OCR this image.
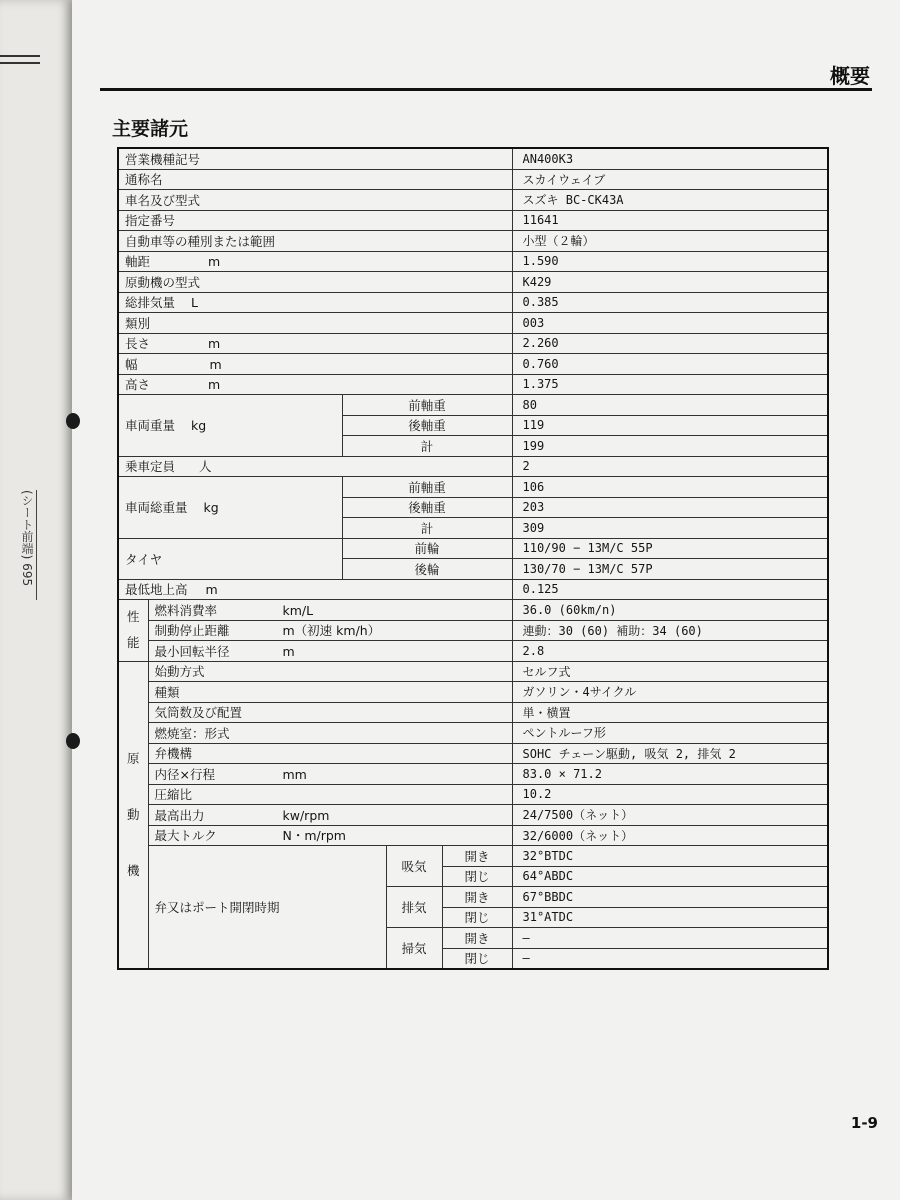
(シート前端) 695
概要
主要諸元
営業機種記号					AN400K3
通称名					スカイウェイブ
車名及び型式					スズキ BC-CK43A
指定番号					11641
自動車等の種別または範囲					小型（２輪）
軸距 m					1.590
原動機の型式					K429
総排気量 L					0.385
類別					003
長さ m					2.260
幅 m					0.760
高さ m					1.375
車両重量 kg		前軸重			80
		後軸重			119
		計			199
乗車定員 人					2
車両総重量 kg		前軸重			106
		後軸重			203
		計			309
タイヤ		前輪			110/90 − 13M/C 55P
		後輪			130/70 − 13M/C 57P
最低地上高 m					0.125

性
能	燃料消費率 km/L				36.0 (60km/n)
	制動停止距離 m（初速 km/h）				連動：30 (60) 補助：34 (60)
	最小回転半径 m				2.8

原
動
機	始動方式				セルフ式
	種類				ガソリン・4サイクル
	気筒数及び配置				単・横置
	燃焼室：形式				ペントルーフ形
	弁機構				SOHC チェーン駆動, 吸気 2, 排気 2
	内径×行程 mm				83.0 × 71.2
	圧縮比				10.2
	最高出力 kw/rpm				24/7500（ネット）
	最大トルク N・m/rpm				32/6000（ネット）
	弁又はポート開閉時期		吸気	開き	32°BTDC
				閉じ	64°ABDC
			排気	開き	67°BBDC
				閉じ	31°ATDC
			掃気	開き	—
				閉じ	—
1-9
